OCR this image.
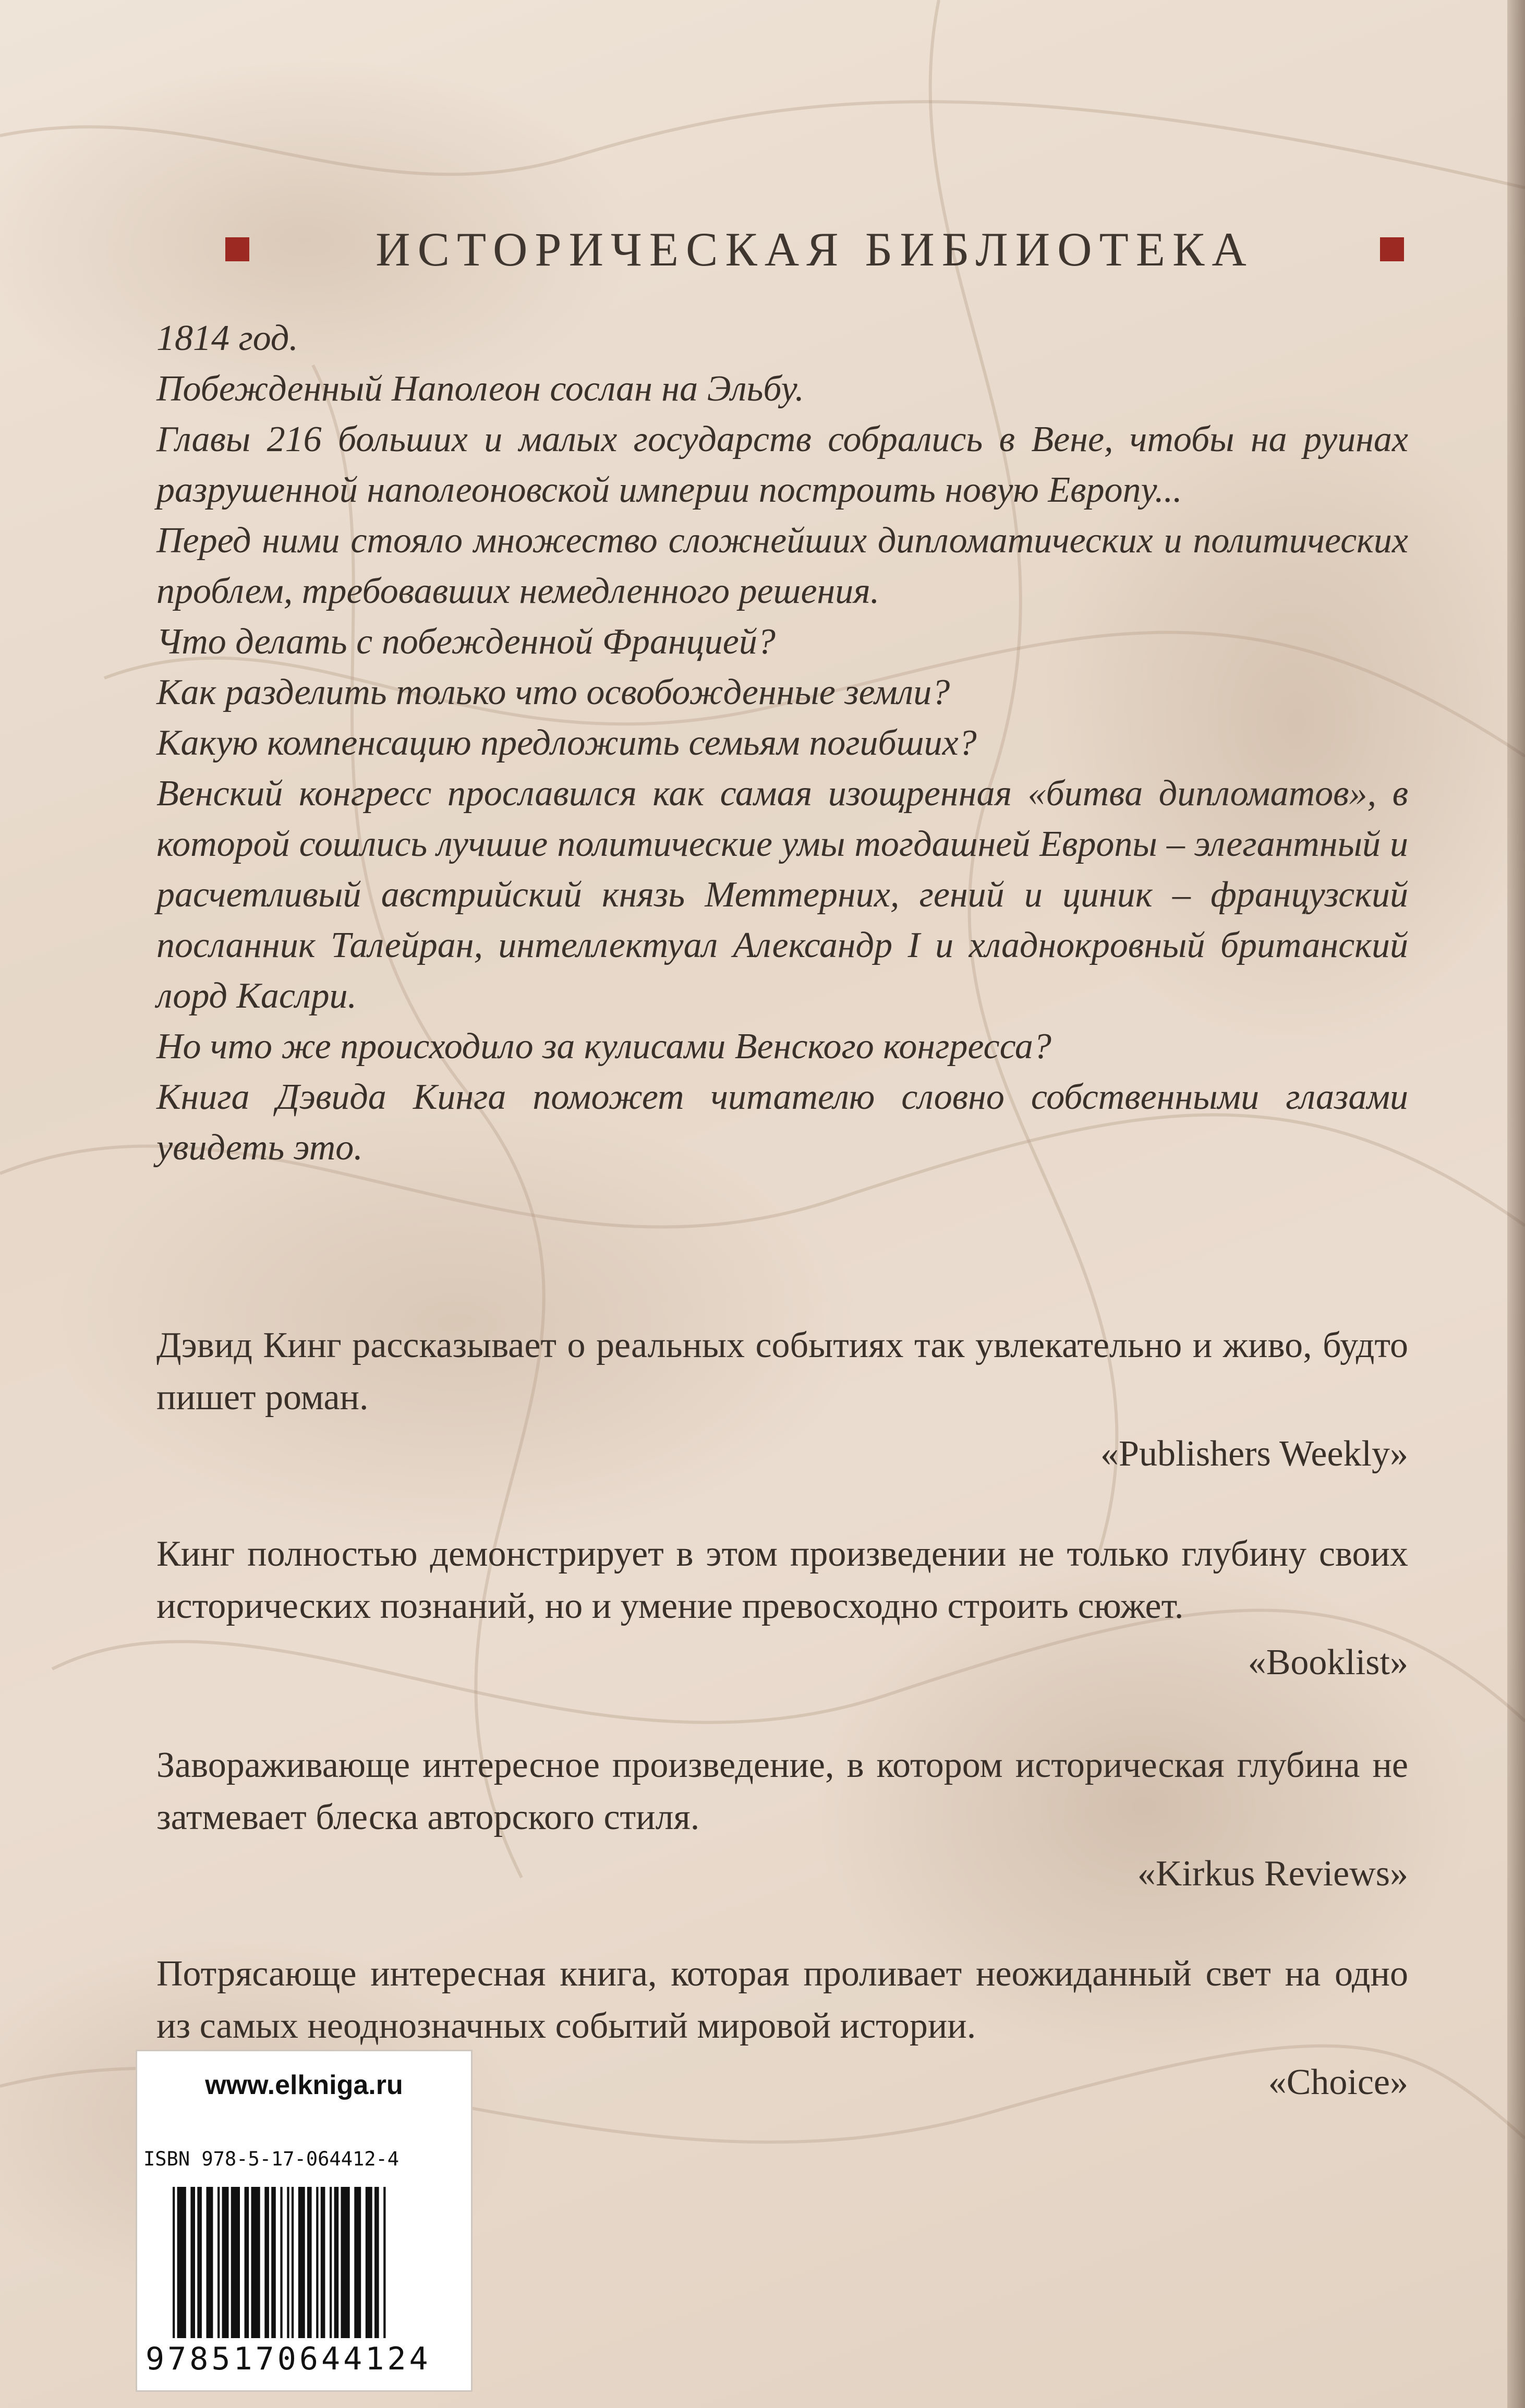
ИСТОРИЧЕСКАЯ БИБЛИОТЕКА

1814 год.

Побежденный Наполеон сослан на Эльбу.

Главы 216 больших и малых государств собрались в Вене, чтобы на руинах разрушенной наполеоновской империи построить новую Европу...

Перед ними стояло множество сложнейших дипломатических и политических проблем, требовавших немедленного решения.

Что делать с побежденной Францией?

Как разделить только что освобожденные земли?

Какую компенсацию предложить семьям погибших?

Венский конгресс прославился как самая изощренная «битва дипломатов», в которой сошлись лучшие политические умы тогдашней Европы – элегантный и расчетливый австрийский князь Меттерних, гений и циник – французский посланник Талейран, интеллектуал Александр I и хладнокровный британский лорд Каслри.

Но что же происходило за кулисами Венского конгресса?

Книга Дэвида Кинга поможет читателю словно собственными глазами увидеть это.

Дэвид Кинг рассказывает о реальных событиях так увлекательно и живо, будто пишет роман.
«Publishers Weekly»
Кинг полностью демонстрирует в этом произведении не только глубину своих исторических познаний, но и умение превосходно строить сюжет.
«Booklist»
Завораживающе интересное произведение, в котором историческая глубина не затмевает блеска авторского стиля.
«Kirkus Reviews»
Потрясающе интересная книга, которая проливает неожиданный свет на одно из самых неоднозначных событий мировой истории.
«Choice»
www.elkniga.ru
ISBN 978-5-17-064412-4
9785170644124
